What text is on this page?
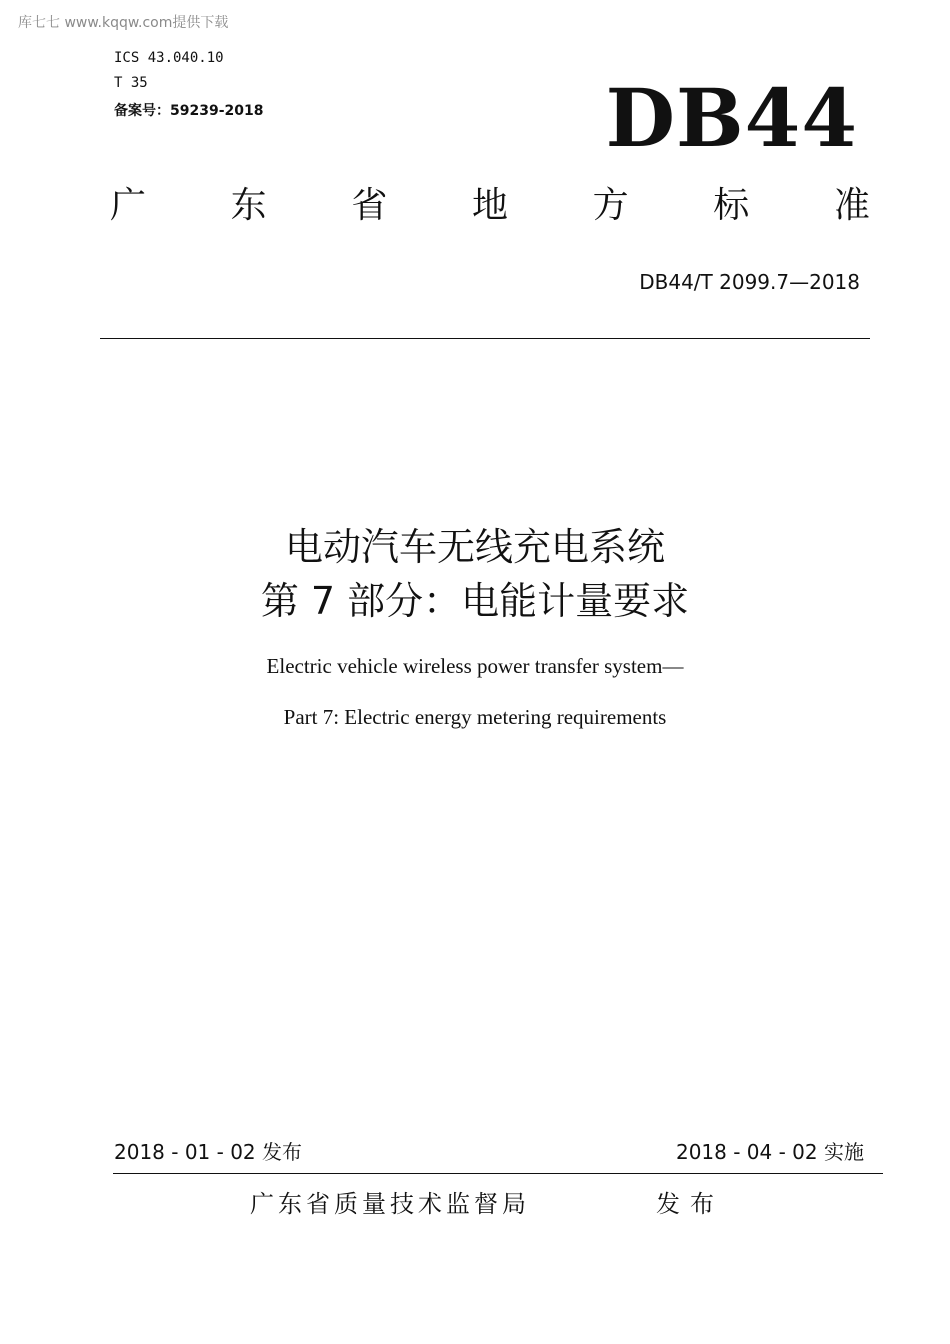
库七七 www.kqqw.com提供下载
ICS 43.040.10
T 35
备案号：59239-2018	DB44
广 东 省 地 方 标 准
DB44/T 2099.7—2018
电动汽车无线充电系统
第 7 部分：电能计量要求
Electric vehicle wireless power transfer system—
Part 7: Electric energy metering requirements
2018 - 01 - 02 发布	2018 - 04 - 02 实施
广东省质量技术监督局	发布
